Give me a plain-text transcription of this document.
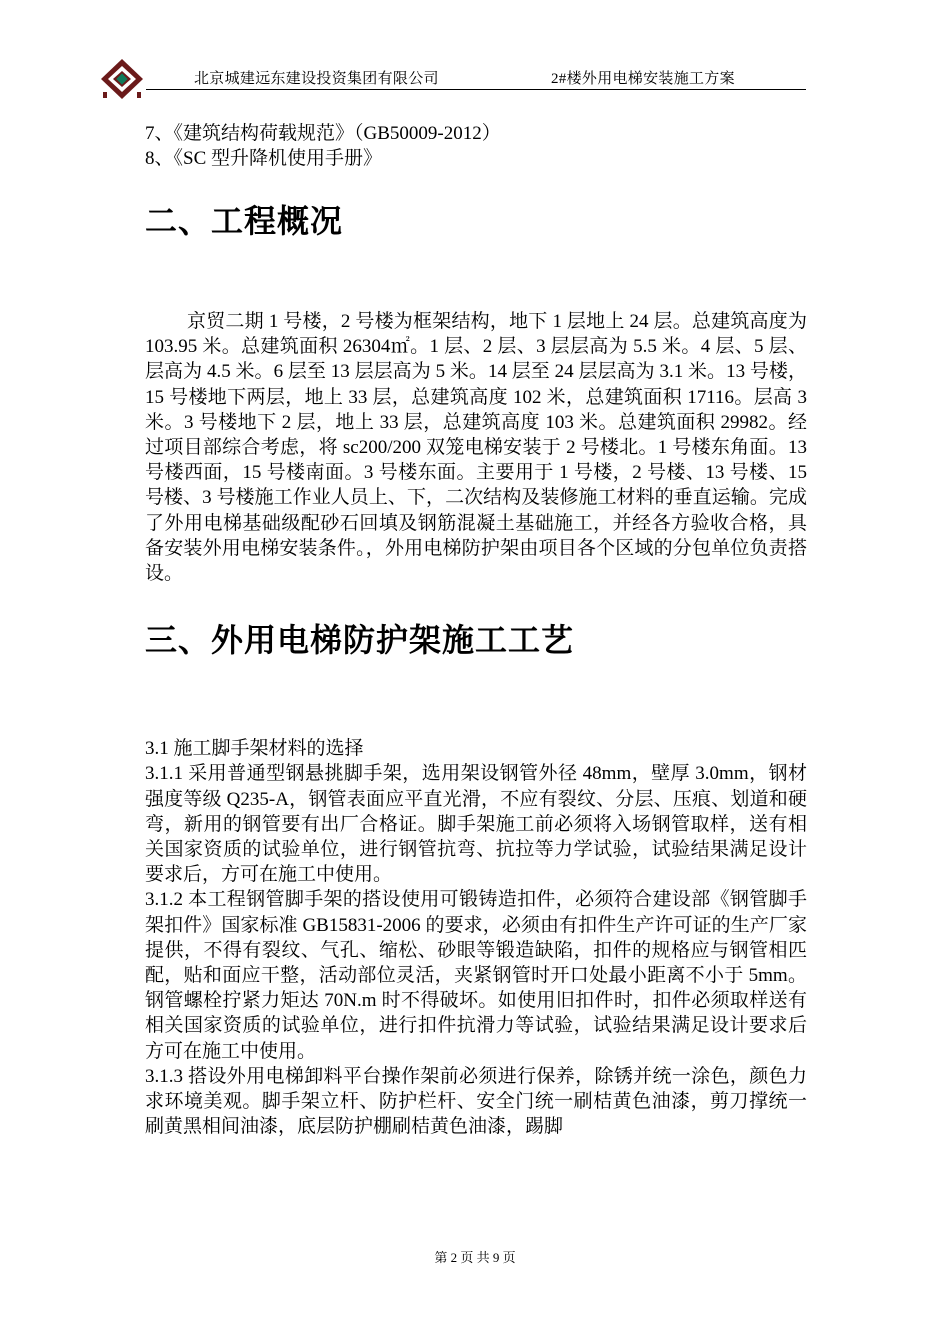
北京城建远东建设投资集团有限公司	2#楼外用电梯安装施工方案
7、《建筑结构荷载规范》（GB50009-2012）
8、《SC 型升降机使用手册》
二、工程概况
京贸二期 1 号楼，2 号楼为框架结构，地下 1 层地上 24 层。总建筑高度为 103.95 米。总建筑面积 26304㎡。1 层、2 层、3 层层高为 5.5 米。4 层、5 层、层高为 4.5 米。6 层至 13 层层高为 5 米。14 层至 24 层层高为 3.1 米。13 号楼，15 号楼地下两层，地上 33 层，总建筑高度 102 米，总建筑面积 17116。层高 3 米。3 号楼地下 2 层，地上 33 层，总建筑高度 103 米。总建筑面积 29982。经过项目部综合考虑，将 sc200/200 双笼电梯安装于 2 号楼北。1 号楼东角面。13 号楼西面，15 号楼南面。3 号楼东面。主要用于 1 号楼，2 号楼、13 号楼、15 号楼、3 号楼施工作业人员上、下，二次结构及装修施工材料的垂直运输。完成了外用电梯基础级配砂石回填及钢筋混凝土基础施工，并经各方验收合格，具备安装外用电梯安装条件。，外用电梯防护架由项目各个区域的分包单位负责搭设。
三、外用电梯防护架施工工艺
3.1 施工脚手架材料的选择
3.1.1 采用普通型钢悬挑脚手架，选用架设钢管外径 48mm，壁厚 3.0mm，钢材强度等级 Q235-A，钢管表面应平直光滑，不应有裂纹、分层、压痕、划道和硬弯，新用的钢管要有出厂合格证。脚手架施工前必须将入场钢管取样，送有相关国家资质的试验单位，进行钢管抗弯、抗拉等力学试验，试验结果满足设计要求后，方可在施工中使用。
3.1.2 本工程钢管脚手架的搭设使用可锻铸造扣件，必须符合建设部《钢管脚手架扣件》国家标准 GB15831-2006 的要求，必须由有扣件生产许可证的生产厂家提供，不得有裂纹、气孔、缩松、砂眼等锻造缺陷，扣件的规格应与钢管相匹配，贴和面应干整，活动部位灵活，夹紧钢管时开口处最小距离不小于 5mm。钢管螺栓拧紧力矩达 70N.m 时不得破坏。如使用旧扣件时，扣件必须取样送有相关国家资质的试验单位，进行扣件抗滑力等试验，试验结果满足设计要求后方可在施工中使用。
3.1.3 搭设外用电梯卸料平台操作架前必须进行保养，除锈并统一涂色，颜色力求环境美观。脚手架立杆、防护栏杆、安全门统一刷桔黄色油漆，剪刀撑统一刷黄黑相间油漆，底层防护棚刷桔黄色油漆，踢脚
第 2 页 共 9 页
